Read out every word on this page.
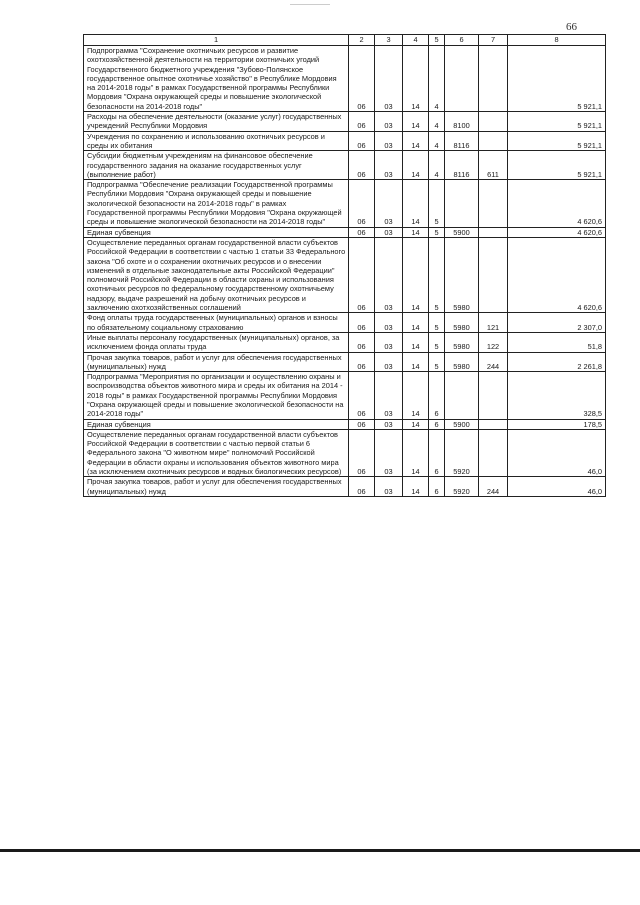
66
1	2	3	4	5	6	7	8
Подпрограмма "Сохранение охотничьих ресурсов и развитие охотхозяйственной деятельности на территории охотничьих угодий Государственного бюджетного учреждения "Зубово-Полянское государственное опытное охотничье хозяйство" в Республике Мордовия на 2014-2018 годы" в рамках Государственной программы Республики Мордовия "Охрана окружающей среды и повышение экологической безопасности на 2014-2018 годы"	06	03	14	4			5 921,1
Расходы на обеспечение деятельности (оказание услуг) государственных учреждений Республики Мордовия	06	03	14	4	8100		5 921,1
Учреждения по сохранению и использованию охотничьих ресурсов и среды их обитания	06	03	14	4	8116		5 921,1
Субсидии бюджетным учреждениям на финансовое обеспечение государственного задания на оказание государственных услуг (выполнение работ)	06	03	14	4	8116	611	5 921,1
Подпрограмма "Обеспечение реализации Государственной программы Республики Мордовия "Охрана окружающей среды и повышение экологической безопасности на 2014-2018 годы" в рамках Государственной программы Республики Мордовия "Охрана окружающей среды и повышение экологической безопасности на 2014-2018 годы"	06	03	14	5			4 620,6
Единая субвенция	06	03	14	5	5900		4 620,6
Осуществление переданных органам государственной власти субъектов Российской Федерации в соответствии с частью 1 статьи 33 Федерального закона "Об охоте и о сохранении охотничьих ресурсов и о внесении изменений в отдельные законодательные акты Российской Федерации" полномочий Российской Федерации в области охраны и использования охотничьих ресурсов по федеральному государственному охотничьему надзору, выдаче разрешений на добычу охотничьих ресурсов и заключению охотхозяйственных соглашений	06	03	14	5	5980		4 620,6
Фонд оплаты труда государственных (муниципальных) органов и взносы по обязательному социальному страхованию	06	03	14	5	5980	121	2 307,0
Иные выплаты персоналу государственных (муниципальных) органов, за исключением фонда оплаты труда	06	03	14	5	5980	122	51,8
Прочая закупка товаров, работ и услуг для обеспечения государственных (муниципальных) нужд	06	03	14	5	5980	244	2 261,8
Подпрограмма "Мероприятия по организации и осуществлению охраны и воспроизводства объектов животного мира и среды их обитания на 2014 - 2018 годы" в рамках Государственной программы Республики Мордовия "Охрана окружающей среды и повышение экологической безопасности на 2014-2018 годы"	06	03	14	6			328,5
Единая субвенция	06	03	14	6	5900		178,5
Осуществление переданных органам государственной власти субъектов Российской Федерации в соответствии с частью первой статьи 6 Федерального закона "О животном мире" полномочий Российской Федерации в области охраны и использования объектов животного мира (за исключением охотничьих ресурсов и водных биологических ресурсов)	06	03	14	6	5920		46,0
Прочая закупка товаров, работ и услуг для обеспечения государственных (муниципальных) нужд	06	03	14	6	5920	244	46,0
